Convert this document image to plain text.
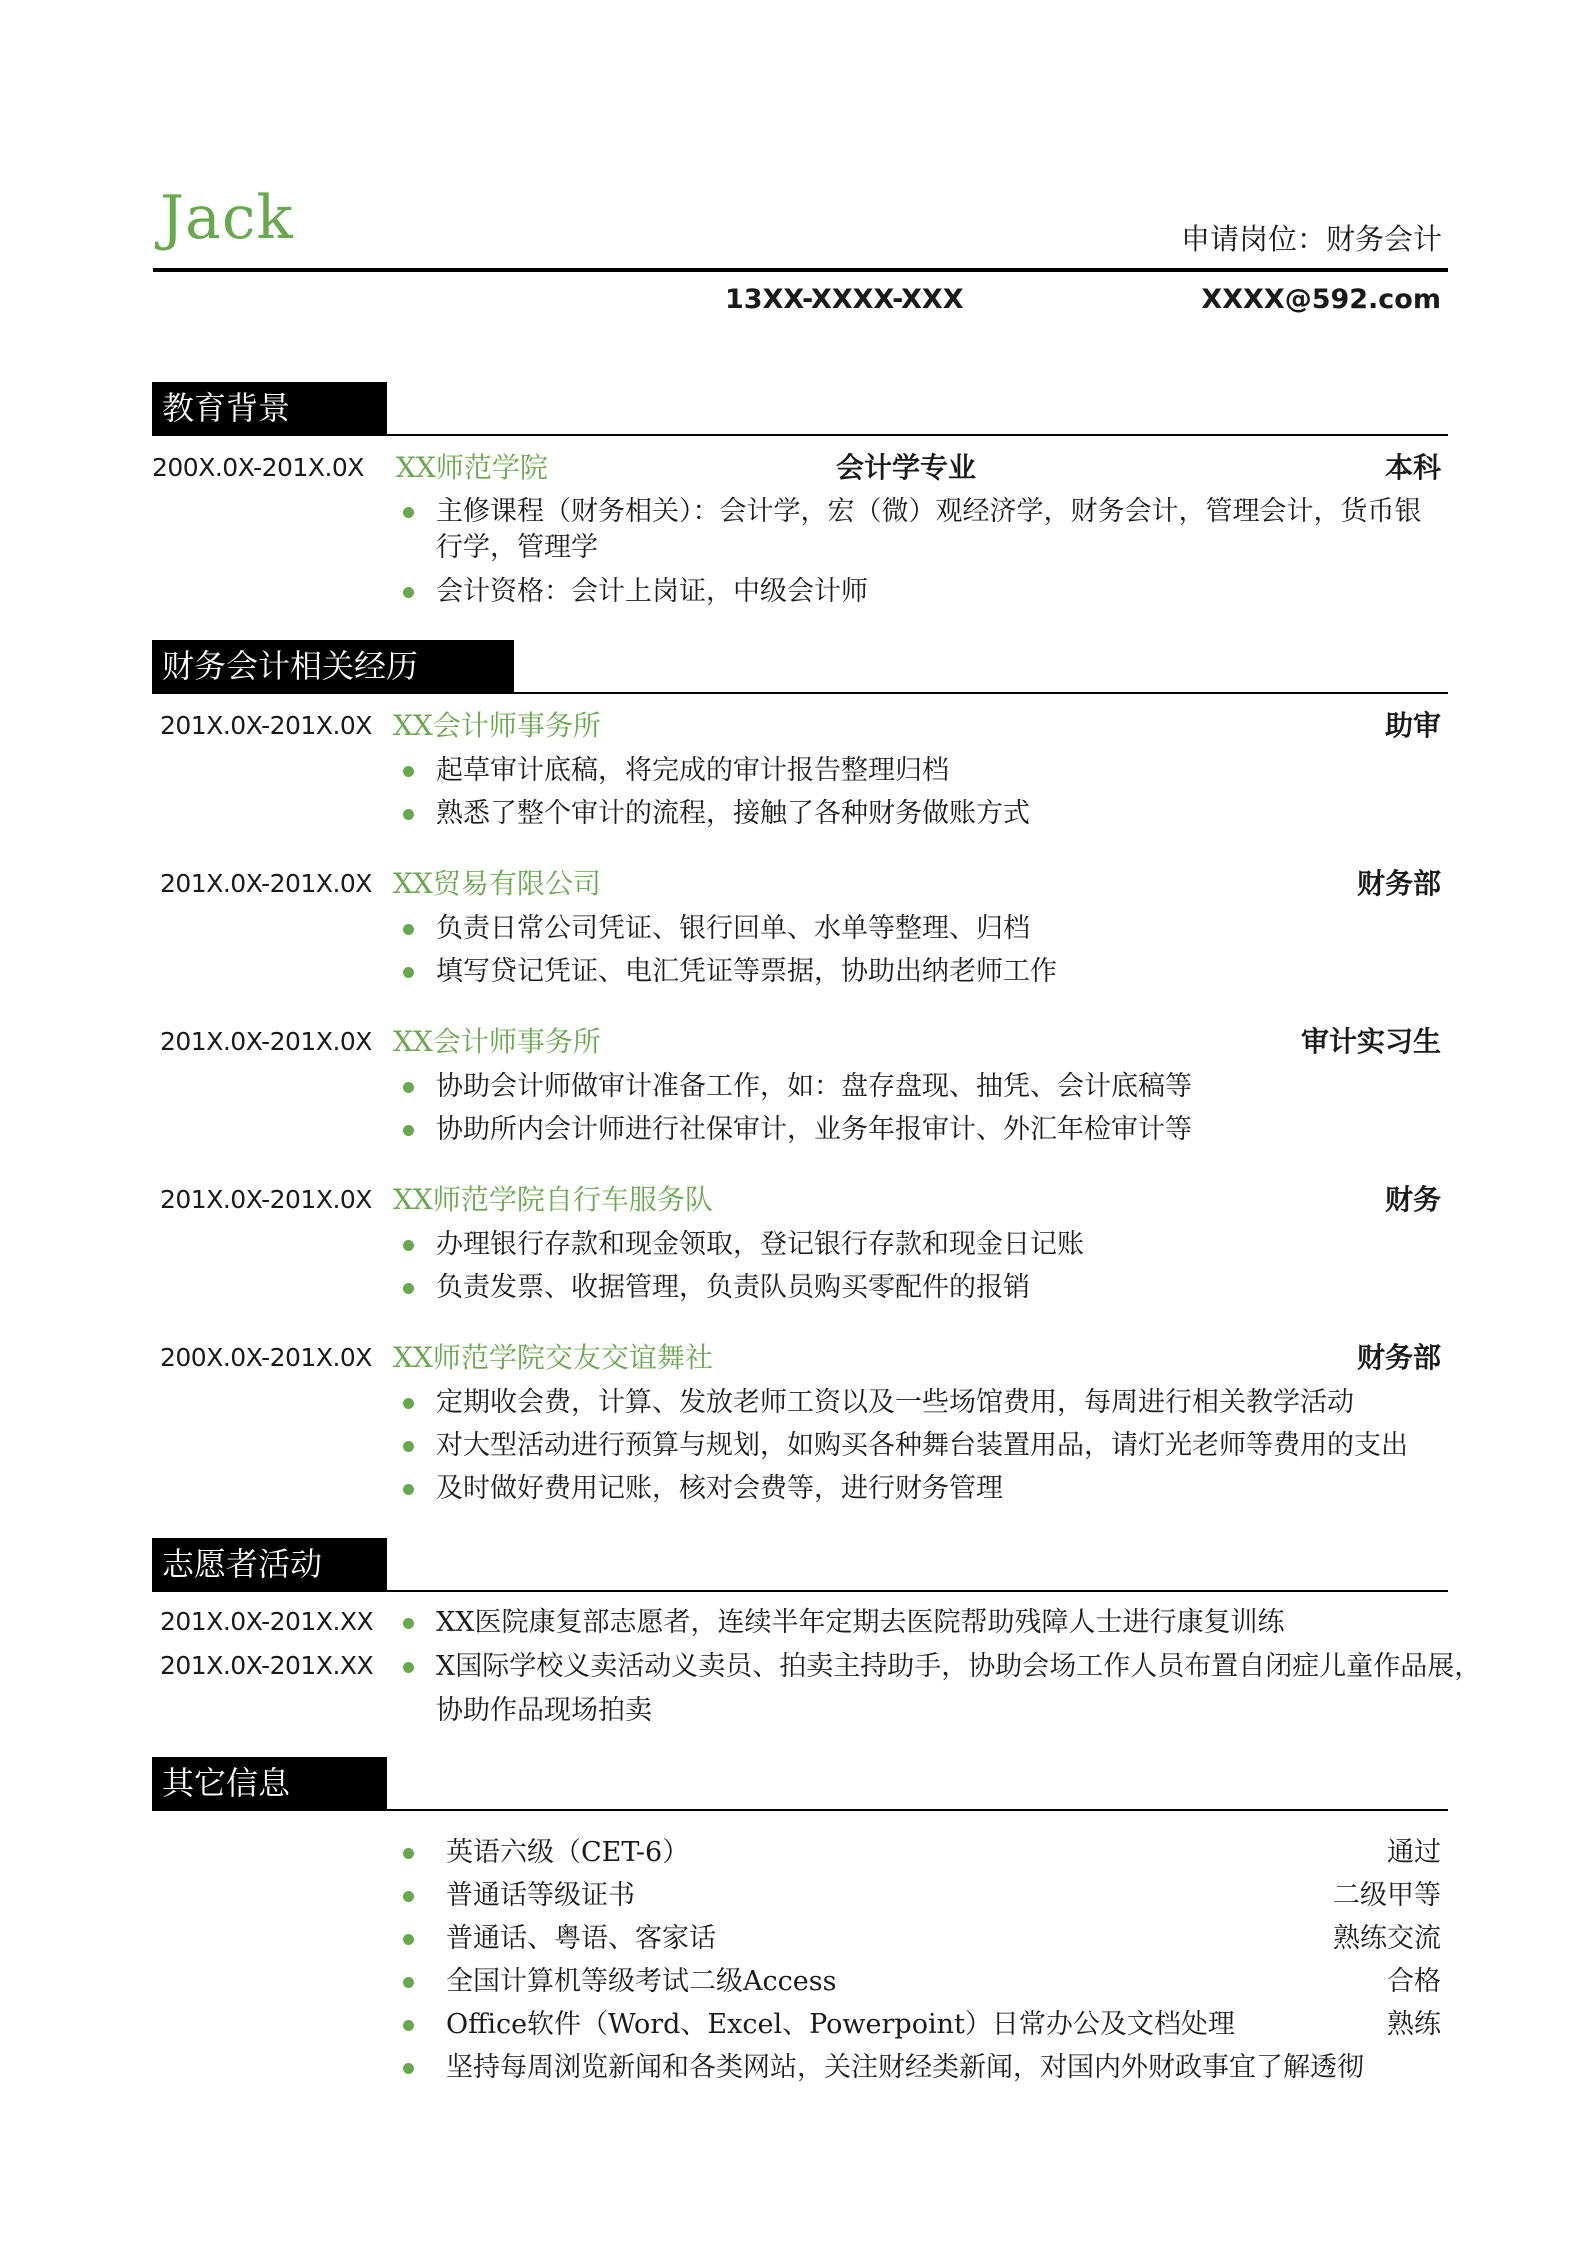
Jack	申请岗位：财务会计
13XX-XXXX-XXX	XXXX@592.com
教育背景
200X.0X-201X.0X XX师范学院	会计学专业	本科
主修课程（财务相关）：会计学，宏（微）观经济学，财务会计，管理会计，货币银
行学，管理学
会计资格：会计上岗证，中级会计师
财务会计相关经历
201X.0X-201X.0X XX会计师事务所	助审
起草审计底稿，将完成的审计报告整理归档
熟悉了整个审计的流程，接触了各种财务做账方式
201X.0X-201X.0X XX贸易有限公司	财务部
负责日常公司凭证、银行回单、水单等整理、归档
填写贷记凭证、电汇凭证等票据，协助出纳老师工作
201X.0X-201X.0X XX会计师事务所	审计实习生
协助会计师做审计准备工作，如：盘存盘现、抽凭、会计底稿等
协助所内会计师进行社保审计，业务年报审计、外汇年检审计等
201X.0X-201X.0X XX师范学院自行车服务队	财务
办理银行存款和现金领取，登记银行存款和现金日记账
负责发票、收据管理，负责队员购买零配件的报销
200X.0X-201X.0X XX师范学院交友交谊舞社	财务部
定期收会费，计算、发放老师工资以及一些场馆费用，每周进行相关教学活动
对大型活动进行预算与规划，如购买各种舞台装置用品，请灯光老师等费用的支出
及时做好费用记账，核对会费等，进行财务管理
志愿者活动
201X.0X-201X.XX XX医院康复部志愿者，连续半年定期去医院帮助残障人士进行康复训练
201X.0X-201X.XX X国际学校义卖活动义卖员、拍卖主持助手，协助会场工作人员布置自闭症儿童作品展，
协助作品现场拍卖
其它信息
英语六级（CET-6）	通过
普通话等级证书	二级甲等
普通话、粤语、客家话	熟练交流
全国计算机等级考试二级Access	合格
Office软件（Word、Excel、Powerpoint）日常办公及文档处理	熟练
坚持每周浏览新闻和各类网站，关注财经类新闻，对国内外财政事宜了解透彻
